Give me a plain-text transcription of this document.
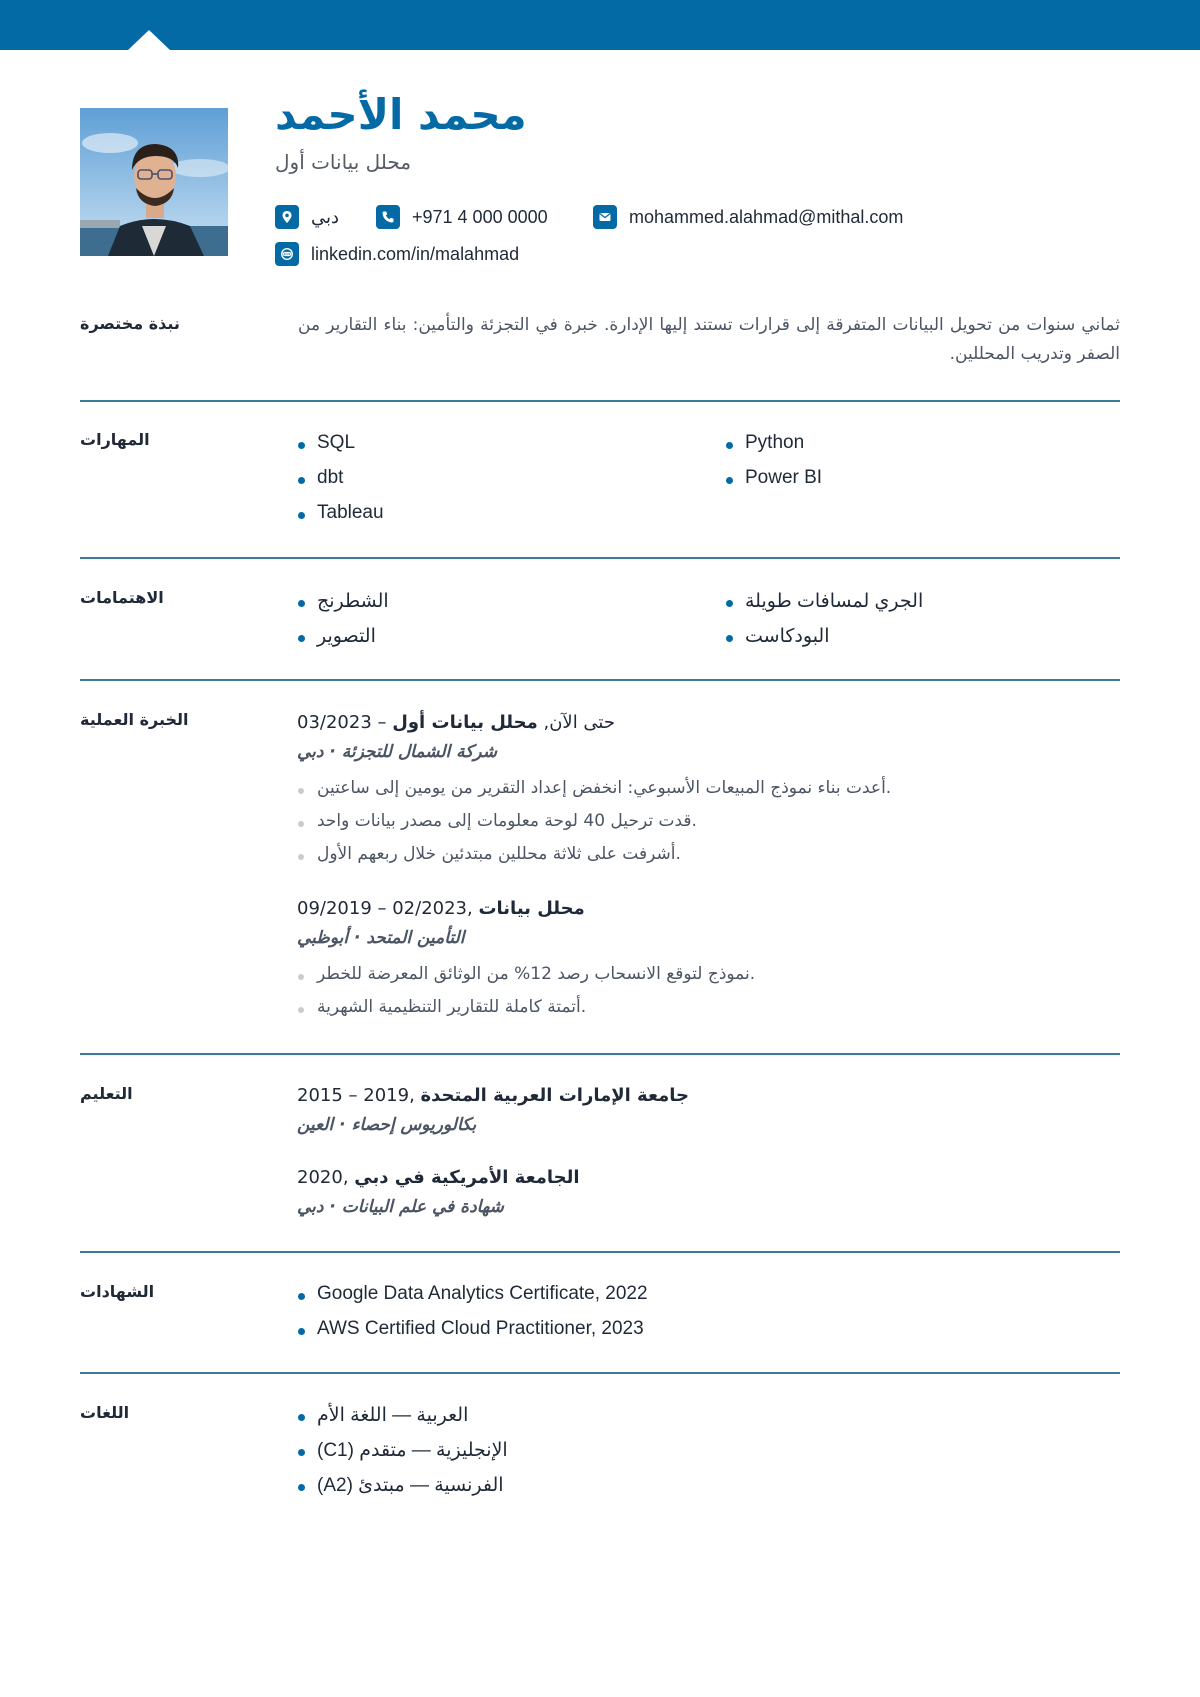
محمد الأحمد
محلل بيانات أول
دبي	+971 4 000 0000	mohammed.alahmad@mithal.com
linkedin.com/in/malahmad
نبذة مختصرة	ثماني سنوات من تحويل البيانات المتفرقة إلى قرارات تستند إليها الإدارة. خبرة في التجزئة والتأمين: بناء التقارير من الصفر وتدريب المحللين.
المهارات	SQL
dbt
Tableau
Python
Power BI
الاهتمامات	الشطرنج
التصوير
الجري لمسافات طويلة
البودكاست
الخبرة العملية	03/2023 – حتى الآن, محلل بيانات أول
شركة الشمال للتجزئة · دبي
أعدت بناء نموذج المبيعات الأسبوعي: انخفض إعداد التقرير من يومين إلى ساعتين.
قدت ترحيل 40 لوحة معلومات إلى مصدر بيانات واحد.
أشرفت على ثلاثة محللين مبتدئين خلال ربعهم الأول.
09/2019 – 02/2023, محلل بيانات
التأمين المتحد · أبوظبي
نموذج لتوقع الانسحاب رصد 12% من الوثائق المعرضة للخطر.
أتمتة كاملة للتقارير التنظيمية الشهرية.
التعليم	2015 – 2019, جامعة الإمارات العربية المتحدة
بكالوريوس إحصاء · العين
2020, الجامعة الأمريكية في دبي
شهادة في علم البيانات · دبي
الشهادات	Google Data Analytics Certificate, 2022
AWS Certified Cloud Practitioner, 2023
اللغات	العربية — اللغة الأم
الإنجليزية — متقدم (C1)
الفرنسية — مبتدئ (A2)
